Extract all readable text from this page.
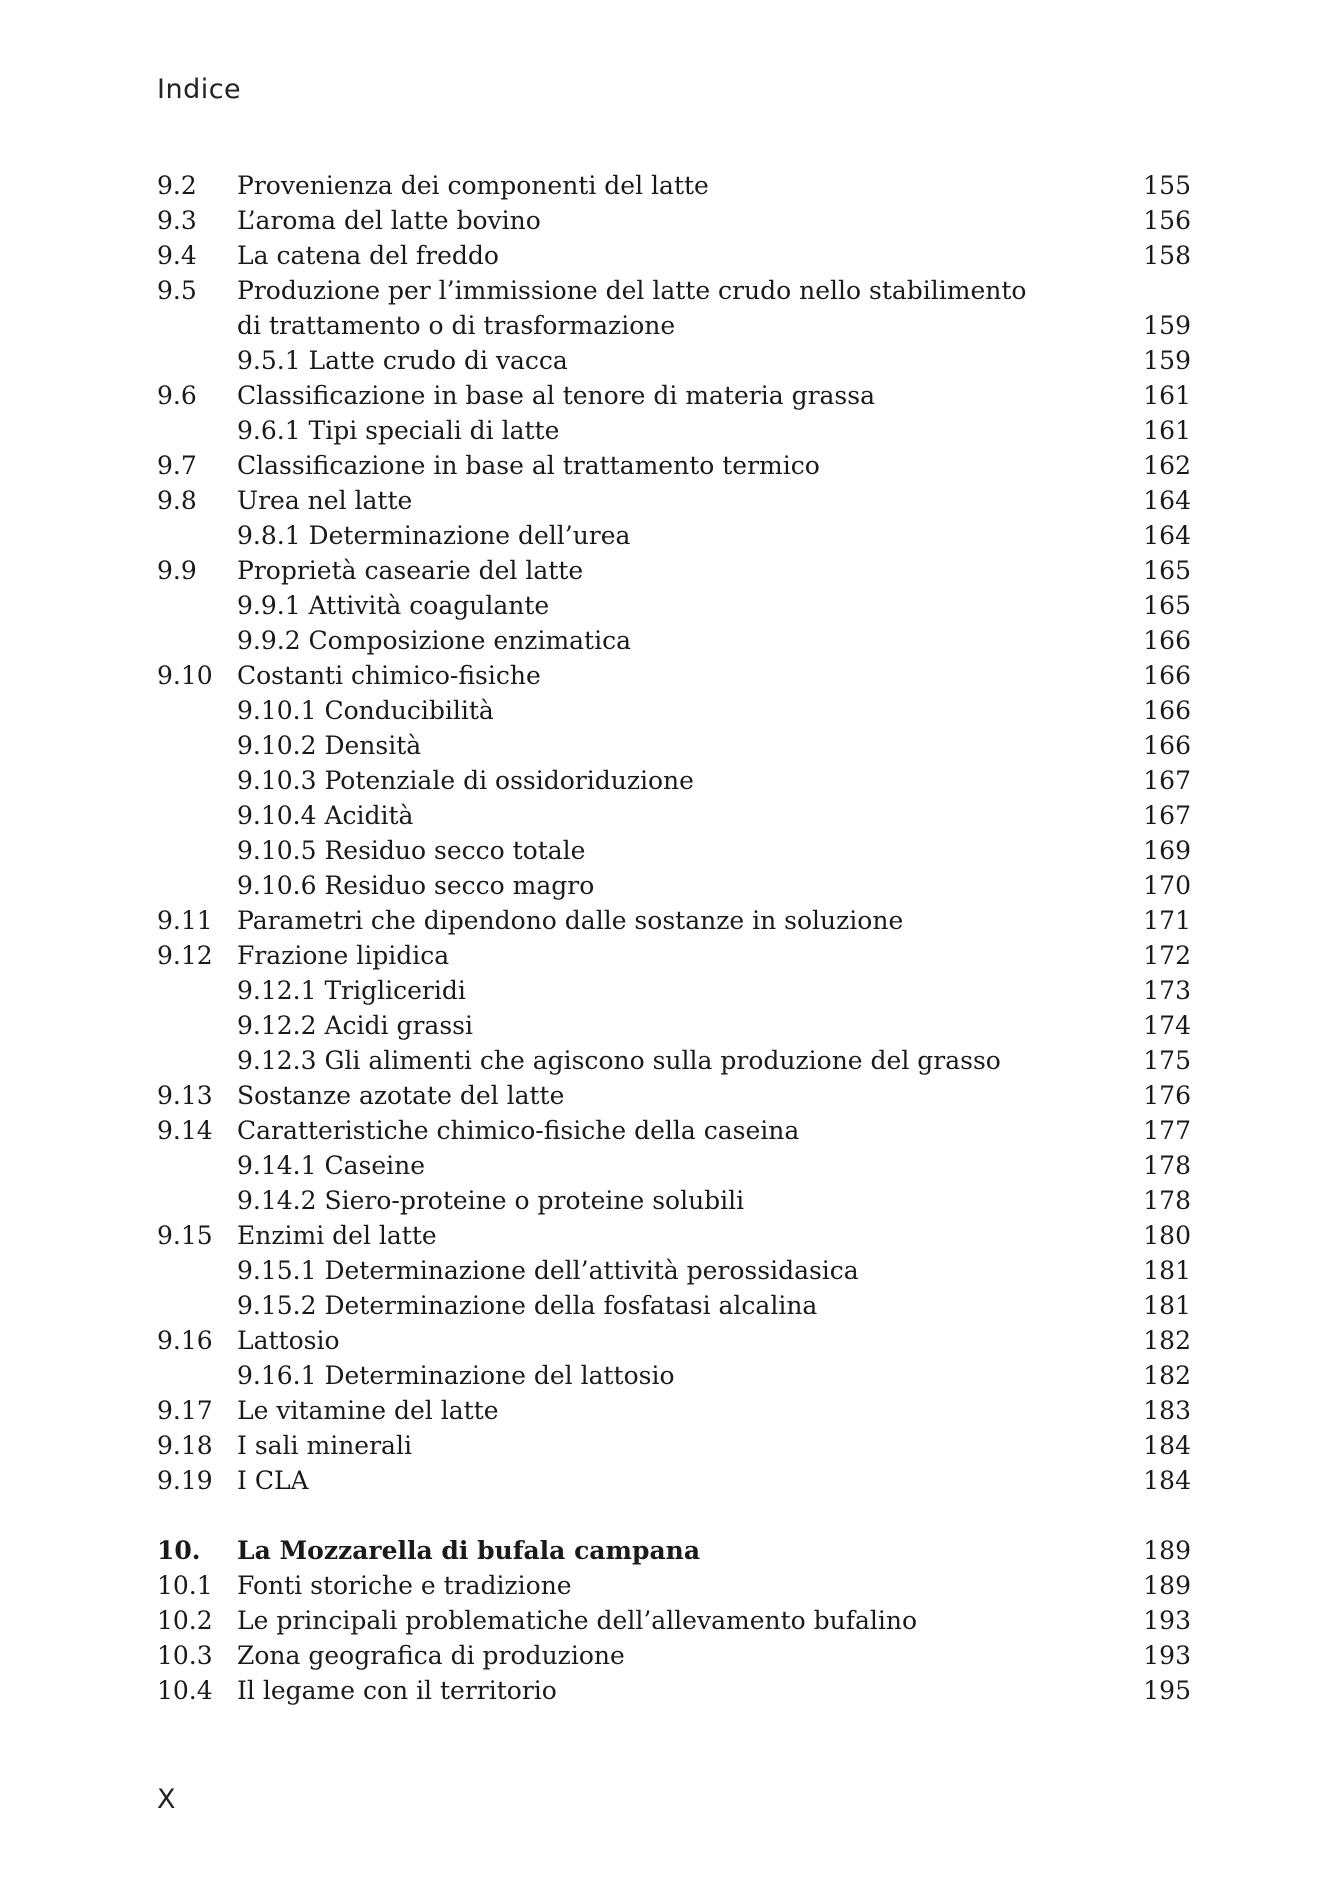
Indice
9.2 Provenienza dei componenti del latte	155
9.3 L’aroma del latte bovino	156
9.4 La catena del freddo	158
9.5 Produzione per l’immissione del latte crudo nello stabilimento
di trattamento o di trasformazione	159
9.5.1 Latte crudo di vacca	159
9.6 Classificazione in base al tenore di materia grassa	161
9.6.1 Tipi speciali di latte	161
9.7 Classificazione in base al trattamento termico	162
9.8 Urea nel latte	164
9.8.1 Determinazione dell’urea	164
9.9 Proprietà casearie del latte	165
9.9.1 Attività coagulante	165
9.9.2 Composizione enzimatica	166
9.10 Costanti chimico-fisiche	166
9.10.1 Conducibilità	166
9.10.2 Densità	166
9.10.3 Potenziale di ossidoriduzione	167
9.10.4 Acidità	167
9.10.5 Residuo secco totale	169
9.10.6 Residuo secco magro	170
9.11 Parametri che dipendono dalle sostanze in soluzione	171
9.12 Frazione lipidica	172
9.12.1 Trigliceridi	173
9.12.2 Acidi grassi	174
9.12.3 Gli alimenti che agiscono sulla produzione del grasso	175
9.13 Sostanze azotate del latte	176
9.14 Caratteristiche chimico-fisiche della caseina	177
9.14.1 Caseine	178
9.14.2 Siero-proteine o proteine solubili	178
9.15 Enzimi del latte	180
9.15.1 Determinazione dell’attività perossidasica	181
9.15.2 Determinazione della fosfatasi alcalina	181
9.16 Lattosio	182
9.16.1 Determinazione del lattosio	182
9.17 Le vitamine del latte	183
9.18 I sali minerali	184
9.19 I CLA	184
10. La Mozzarella di bufala campana	189
10.1 Fonti storiche e tradizione	189
10.2 Le principali problematiche dell’allevamento bufalino	193
10.3 Zona geografica di produzione	193
10.4 Il legame con il territorio	195
X
